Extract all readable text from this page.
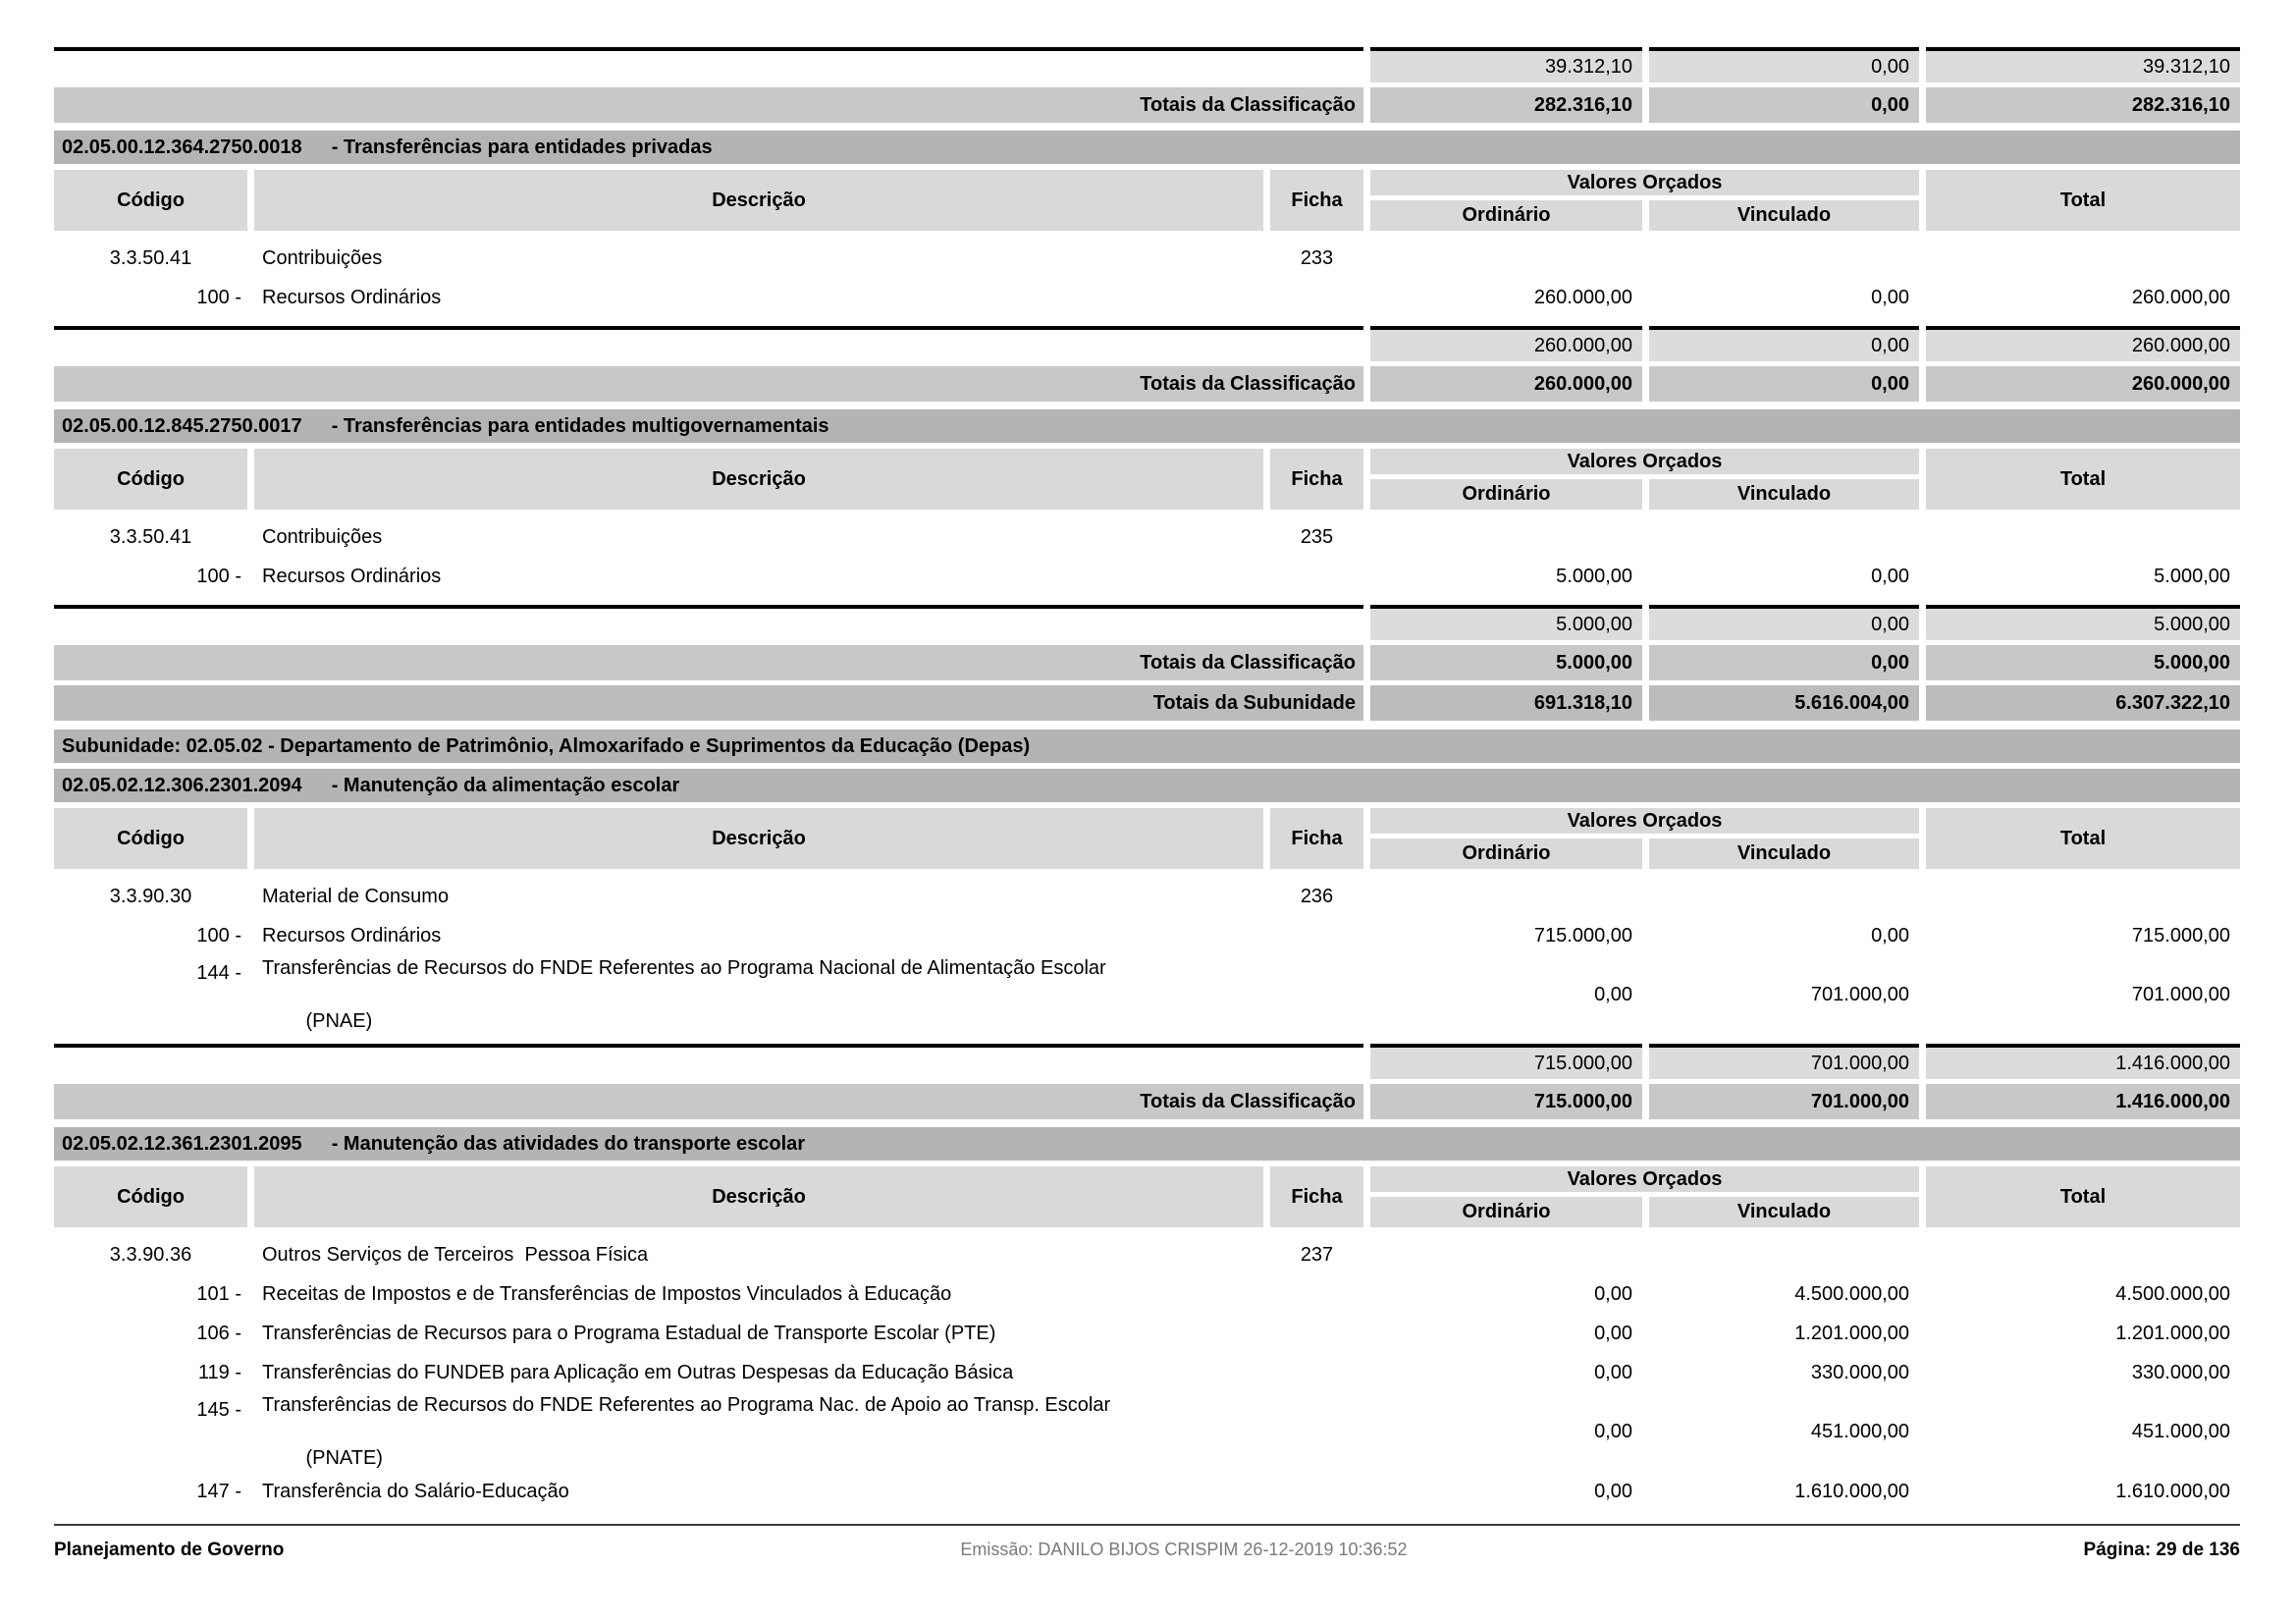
39.312,10	0,00	39.312,10
Totais da Classificação	282.316,10	0,00	282.316,10
02.05.00.12.364.2750.0018 - Transferências para entidades privadas
Código	Descrição	Ficha
Valores Orçados
Ordinário	Vinculado
Total
3.3.50.41	Contribuições	233
100 -	Recursos Ordinários	260.000,00	0,00	260.000,00
260.000,00	0,00	260.000,00
Totais da Classificação	260.000,00	0,00	260.000,00
02.05.00.12.845.2750.0017 - Transferências para entidades multigovernamentais
Código	Descrição	Ficha
Valores Orçados
Ordinário	Vinculado
Total
3.3.50.41	Contribuições	235
100 -	Recursos Ordinários	5.000,00	0,00	5.000,00
5.000,00	0,00	5.000,00
Totais da Classificação	5.000,00	0,00	5.000,00
Totais da Subunidade	691.318,10	5.616.004,00	6.307.322,10
Subunidade: 02.05.02 - Departamento de Patrimônio, Almoxarifado e Suprimentos da Educação (Depas)
02.05.02.12.306.2301.2094 - Manutenção da alimentação escolar
Código	Descrição	Ficha
Valores Orçados
Ordinário	Vinculado
Total
3.3.90.30	Material de Consumo	236
100 -	Recursos Ordinários	715.000,00	0,00	715.000,00
144 -	Transferências de Recursos do FNDE Referentes ao Programa Nacional de Alimentação Escolar

(PNAE)
0,00	701.000,00	701.000,00
715.000,00	701.000,00	1.416.000,00
Totais da Classificação	715.000,00	701.000,00	1.416.000,00
02.05.02.12.361.2301.2095 - Manutenção das atividades do transporte escolar
Código	Descrição	Ficha
Valores Orçados
Ordinário	Vinculado
Total
3.3.90.36	Outros Serviços de Terceiros  Pessoa Física	237
101 -	Receitas de Impostos e de Transferências de Impostos Vinculados à Educação	0,00	4.500.000,00	4.500.000,00
106 -	Transferências de Recursos para o Programa Estadual de Transporte Escolar (PTE)	0,00	1.201.000,00	1.201.000,00
119 -	Transferências do FUNDEB para Aplicação em Outras Despesas da Educação Básica	0,00	330.000,00	330.000,00
145 -	Transferências de Recursos do FNDE Referentes ao Programa Nac. de Apoio ao Transp. Escolar

(PNATE)
0,00	451.000,00	451.000,00
147 -	Transferência do Salário-Educação	0,00	1.610.000,00	1.610.000,00
Planejamento de Governo	Emissão: DANILO BIJOS CRISPIM 26-12-2019 10:36:52	Página: 29 de 136
